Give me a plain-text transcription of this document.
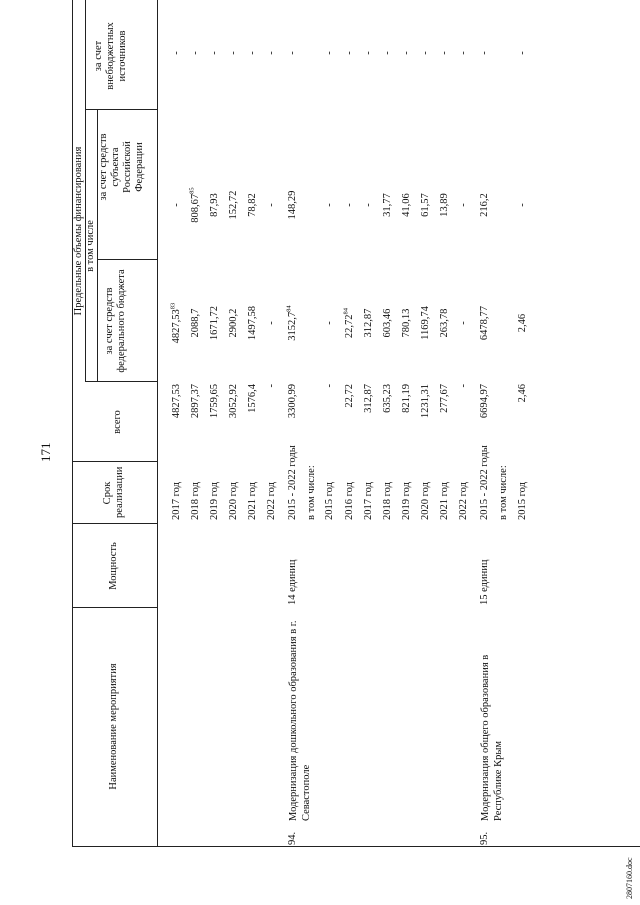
171
Наименование мероприятия
Мощность
Срок реализации
Предельные объемы финансирования
всего
в том числе
за счет средств федерального бюджета
за счет средств субъекта Российской Федерации
за счет внебюджетных источников
2017 год
4827,53
4827,53$^{83}$
-
-
2018 год
2897,37
2088,7
808,67$^{85}$
-
2019 год
1759,65
1671,72
87,93
-
2020 год
3052,92
2900,2
152,72
-
2021 год
1576,4
1497,58
78,82
-
2022 год
-
-
-
-
94.
Модернизация дошкольного образования в г. Севастополе
14 единиц
2015 - 2022 годы
3300,99
3152,7$^{84}$
148,29
-
в том числе: 2015 год
-
-
-
-
2016 год
22,72
22,72$^{84}$
-
-
2017 год
312,87
312,87
-
-
2018 год
635,23
603,46
31,77
-
2019 год
821,19
780,13
41,06
-
2020 год
1231,31
1169,74
61,57
-
2021 год
277,67
263,78
13,89
-
2022 год
-
-
-
-
95.
Модернизация общего образования в Республике Крым
15 единиц
2015 - 2022 годы
6694,97
6478,77
216,2
-
в том числе: 2015 год
2,46
2,46
-
-
2807160.doc
